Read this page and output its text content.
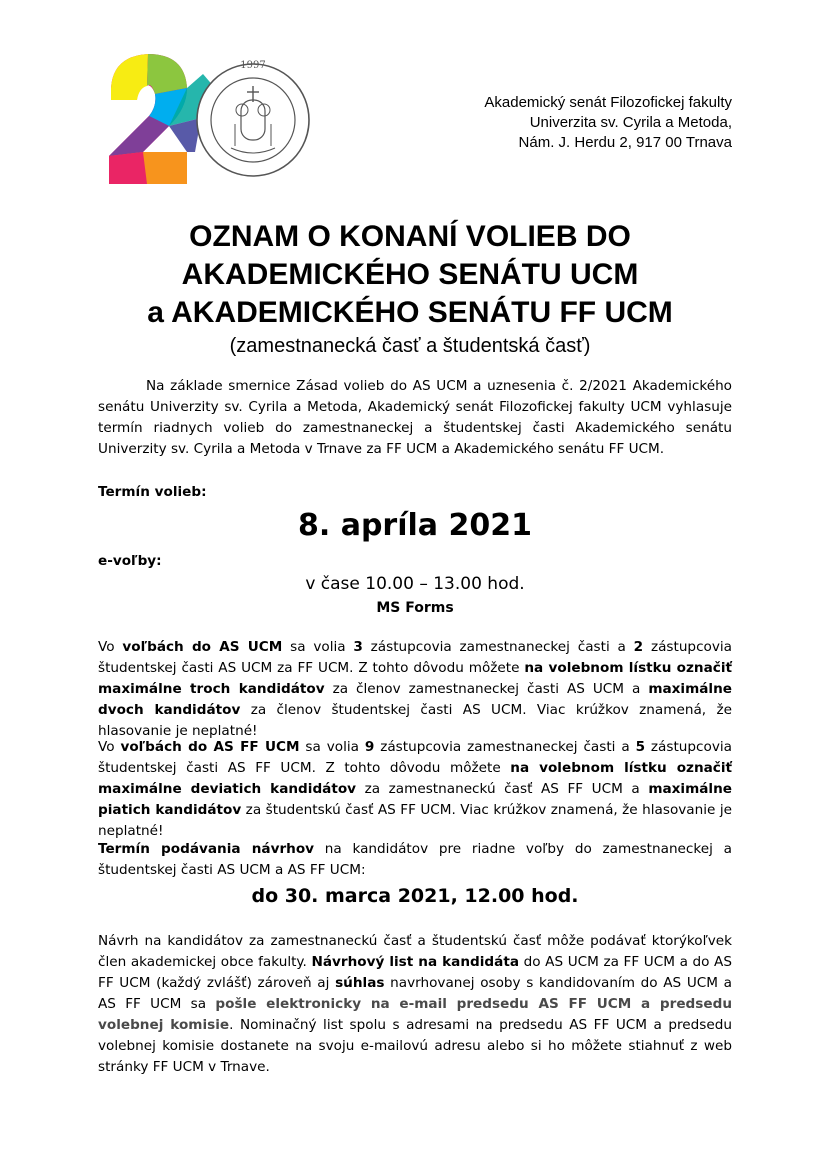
1997
Akademický senát Filozofickej fakulty
Univerzita sv. Cyrila a Metoda,
Nám. J. Herdu 2, 917 00 Trnava
OZNAM O KONANÍ VOLIEB DO
AKADEMICKÉHO SENÁTU UCM
a AKADEMICKÉHO SENÁTU FF UCM
(zamestnanecká časť a študentská časť)

Na základe smernice Zásad volieb do AS UCM a uznesenia č. 2/2021 Akademického senátu Univerzity sv. Cyrila a Metoda, Akademický senát Filozofickej fakulty UCM vyhlasuje termín riadnych volieb do zamestnaneckej a študentskej časti Akademického senátu Univerzity sv. Cyrila a Metoda v Trnave za FF UCM a Akademického senátu FF UCM.

Termín volieb:
8. apríla 2021
e-voľby:
v čase 10.00 – 13.00 hod.
MS Forms

Vo voľbách do AS UCM sa volia 3 zástupcovia zamestnaneckej časti a 2 zástupcovia študentskej časti AS UCM za FF UCM. Z tohto dôvodu môžete na volebnom lístku označiť maximálne troch kandidátov za členov zamestnaneckej časti AS UCM a maximálne dvoch kandidátov za členov študentskej časti AS UCM. Viac krúžkov znamená, že hlasovanie je neplatné!

Vo voľbách do AS FF UCM sa volia 9 zástupcovia zamestnaneckej časti a 5 zástupcovia študentskej časti AS FF UCM. Z tohto dôvodu môžete na volebnom lístku označiť maximálne deviatich kandidátov za zamestnaneckú časť AS FF UCM a maximálne piatich kandidátov za študentskú časť AS FF UCM. Viac krúžkov znamená, že hlasovanie je neplatné!

Termín podávania návrhov na kandidátov pre riadne voľby do zamestnaneckej a študentskej časti AS UCM a AS FF UCM:

do 30. marca 2021, 12.00 hod.

Návrh na kandidátov za zamestnaneckú časť a študentskú časť môže podávať ktorýkoľvek člen akademickej obce fakulty. Návrhový list na kandidáta do AS UCM za FF UCM a do AS FF UCM (každý zvlášť) zároveň aj súhlas navrhovanej osoby s kandidovaním do AS UCM a AS FF UCM sa pošle elektronicky na e-mail predsedu AS FF UCM a predsedu volebnej komisie. Nominačný list spolu s adresami na predsedu AS FF UCM a predsedu volebnej komisie dostanete na svoju e-mailovú adresu alebo si ho môžete stiahnuť z web stránky FF UCM v Trnave.
